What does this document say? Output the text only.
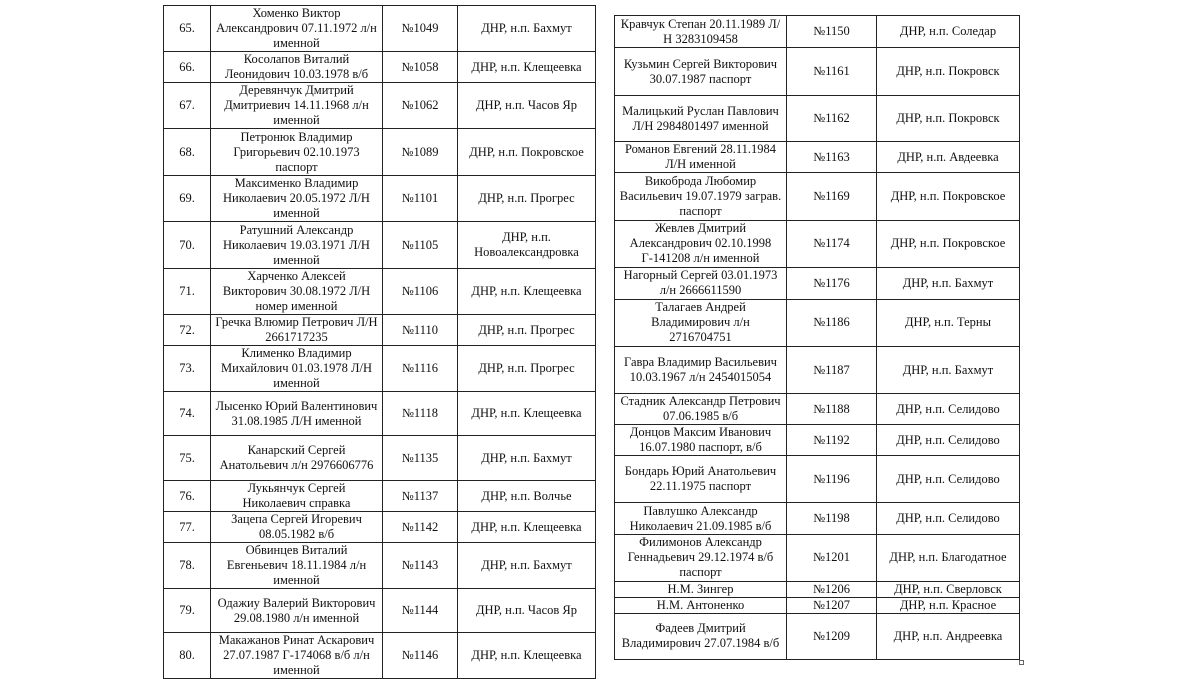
65.	Хоменко Виктор Александрович 07.11.1972 л/н именной	№1049	ДНР, н.п. Бахмут
66.	Косолапов Виталий Леонидович 10.03.1978 в/б	№1058	ДНР, н.п. Клещеевка
67.	Деревянчук Дмитрий Дмитриевич 14.11.1968 л/н именной	№1062	ДНР, н.п. Часов Яр
68.	Петронюк Владимир Григорьевич 02.10.1973 паспорт	№1089	ДНР, н.п. Покровское
69.	Максименко Владимир Николаевич 20.05.1972 Л/Н именной	№1101	ДНР, н.п. Прогрес
70.	Ратушний Александр Николаевич 19.03.1971 Л/Н именной	№1105	ДНР, н.п. Новоалександровка
71.	Харченко Алексей Викторович 30.08.1972 Л/Н номер именной	№1106	ДНР, н.п. Клещеевка
72.	Гречка Влюмир Петрович Л/Н 2661717235	№1110	ДНР, н.п. Прогрес
73.	Клименко Владимир Михайлович 01.03.1978 Л/Н именной	№1116	ДНР, н.п. Прогрес
74.	Лысенко Юрий Валентинович 31.08.1985 Л/Н именной	№1118	ДНР, н.п. Клещеевка
75.	Канарский Сергей Анатольевич л/н 2976606776	№1135	ДНР, н.п. Бахмут
76.	Лукьянчук Сергей Николаевич справка	№1137	ДНР, н.п. Волчье
77.	Зацепа Сергей Игоревич 08.05.1982 в/б	№1142	ДНР, н.п. Клещеевка
78.	Обвинцев Виталий Евгеньевич 18.11.1984 л/н именной	№1143	ДНР, н.п. Бахмут
79.	Одажиу Валерий Викторович 29.08.1980 л/н именной	№1144	ДНР, н.п. Часов Яр
80.	Макажанов Ринат Аскарович 27.07.1987 Г-174068 в/б л/н именной	№1146	ДНР, н.п. Клещеевка
Кравчук Степан 20.11.1989 Л/Н 3283109458	№1150	ДНР, н.п. Соледар
Кузьмин Сергей Викторович 30.07.1987 паспорт	№1161	ДНР, н.п. Покровск
Малицький Руслан Павлович Л/Н 2984801497 именной	№1162	ДНР, н.п. Покровск
Романов Евгений 28.11.1984 Л/Н именной	№1163	ДНР, н.п. Авдеевка
Викоброда Любомир Васильевич 19.07.1979 заграв. паспорт	№1169	ДНР, н.п. Покровское
Жевлев Дмитрий Александрович 02.10.1998 Г-141208 л/н именной	№1174	ДНР, н.п. Покровское
Нагорный Сергей 03.01.1973 л/н 2666611590	№1176	ДНР, н.п. Бахмут
Талагаев Андрей Владимирович л/н 2716704751	№1186	ДНР, н.п. Терны
Гавра Владимир Васильевич 10.03.1967 л/н 2454015054	№1187	ДНР, н.п. Бахмут
Стадник Александр Петрович 07.06.1985 в/б	№1188	ДНР, н.п. Селидово
Донцов Максим Иванович 16.07.1980 паспорт, в/б	№1192	ДНР, н.п. Селидово
Бондарь Юрий Анатольевич 22.11.1975 паспорт	№1196	ДНР, н.п. Селидово
Павлушко Александр Николаевич 21.09.1985 в/б	№1198	ДНР, н.п. Селидово
Филимонов Александр Геннадьевич 29.12.1974 в/б паспорт	№1201	ДНР, н.п. Благодатное
Н.М. Зингер	№1206	ДНР, н.п. Сверловск
Н.М. Антоненко	№1207	ДНР, н.п. Красное
Фадеев Дмитрий Владимирович 27.07.1984 в/б	№1209	ДНР, н.п. Андреевка
